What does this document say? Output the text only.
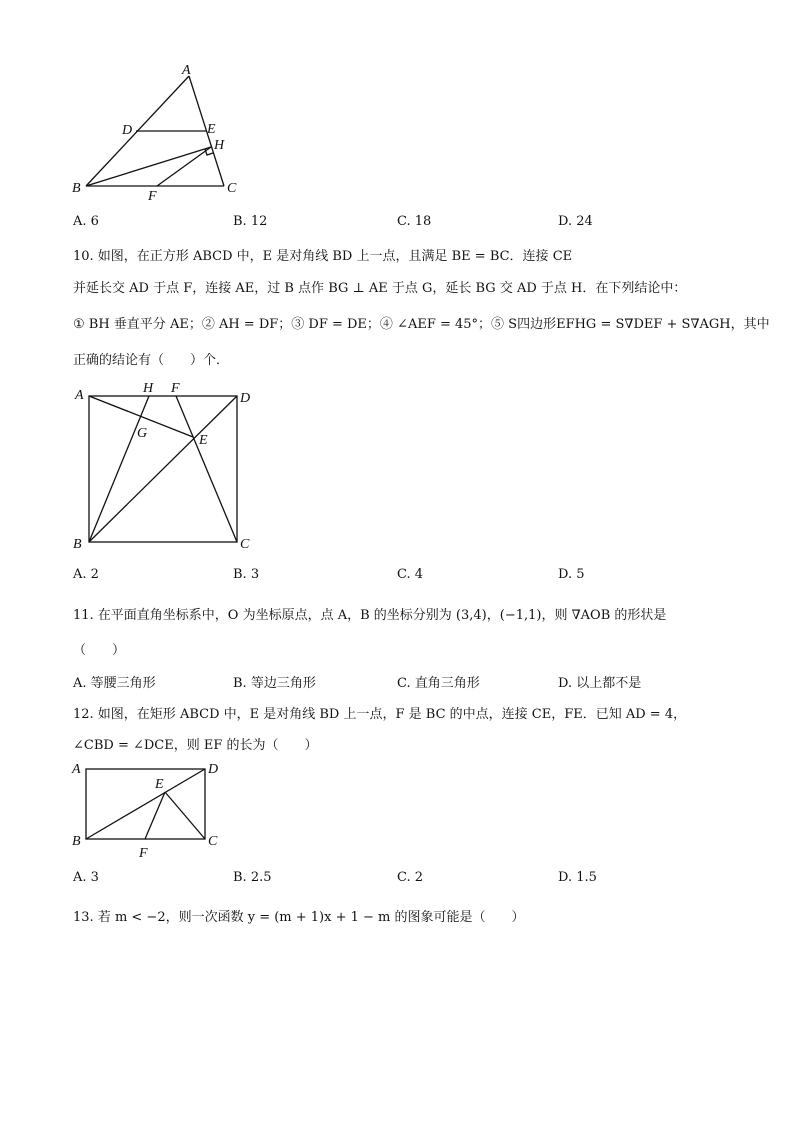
A
D	E
H
B
F
C
A. 6	B. 12	C. 18	D. 24
10. 如图，在正方形 ABCD 中，E 是对角线 BD 上一点，且满足 BE = BC．连接 CE
并延长交 AD 于点 F，连接 AE，过 B 点作 BG ⊥ AE 于点 G，延长 BG 交 AD 于点 H．在下列结论中：
① BH 垂直平分 AE；② AH = DF；③ DF = DE；④ ∠AEF = 45°；⑤ S四边形EFHG = S∇DEF + S∇AGH，其中
正确的结论有（　　）个．
A	H F
D
G	E
B	C
A. 2	B. 3	C. 4	D. 5
11. 在平面直角坐标系中，O 为坐标原点，点 A，B 的坐标分别为 (3,4)，(−1,1)，则 ∇AOB 的形状是
（　　）
A. 等腰三角形	B. 等边三角形	C. 直角三角形	D. 以上都不是
12. 如图，在矩形 ABCD 中，E 是对角线 BD 上一点，F 是 BC 的中点，连接 CE，FE．已知 AD = 4，
∠CBD = ∠DCE，则 EF 的长为（　　）
A	D
E
B	C
F
A. 3	B. 2.5	C. 2	D. 1.5
13. 若 m < −2，则一次函数 y = (m + 1)x + 1 − m 的图象可能是（　　）
